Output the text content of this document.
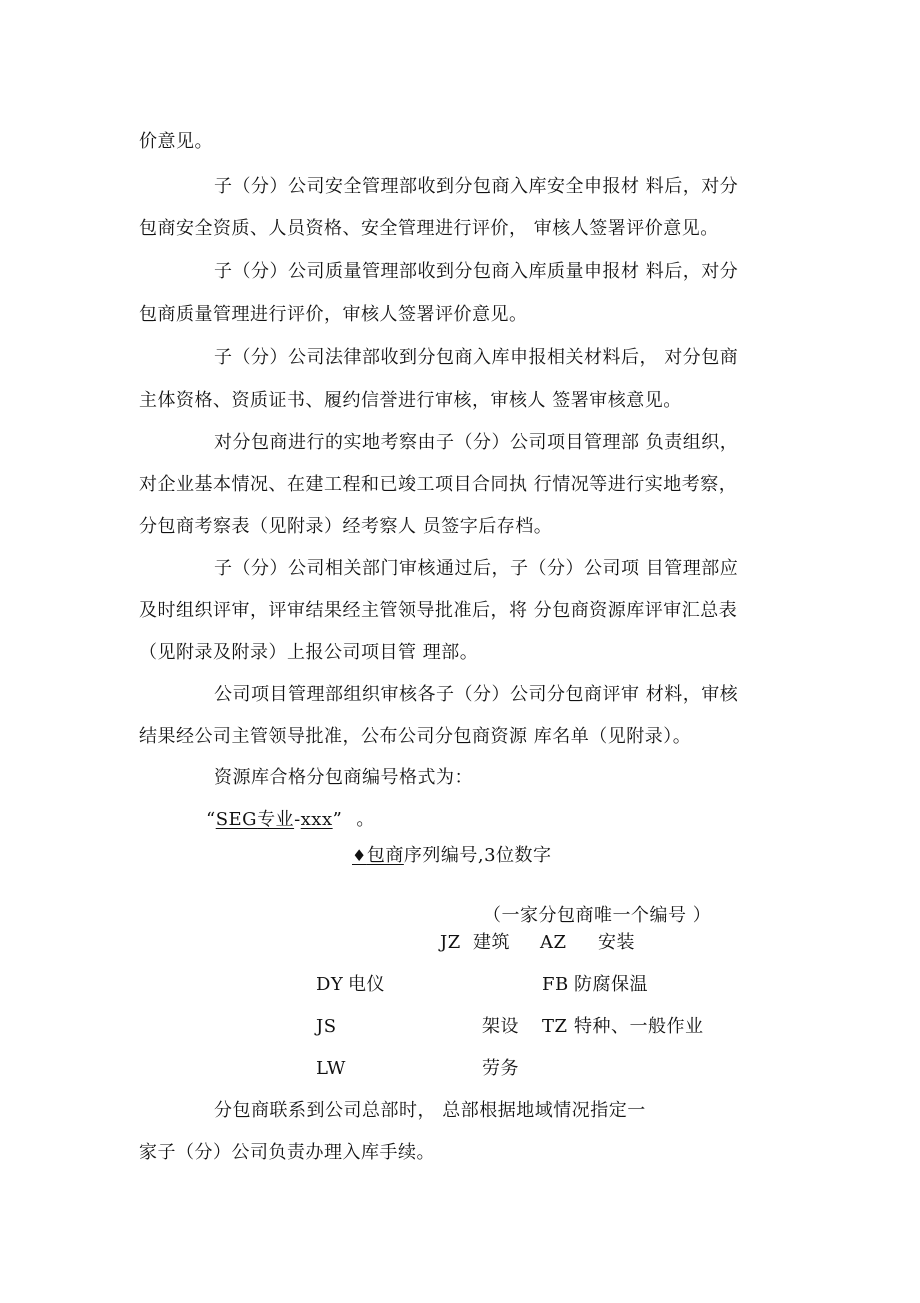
价意见。
子（分）公司安全管理部收到分包商入库安全申报材 料后，对分
包商安全资质、人员资格、安全管理进行评价， 审核人签署评价意见。
子（分）公司质量管理部收到分包商入库质量申报材 料后，对分
包商质量管理进行评价，审核人签署评价意见。
子（分）公司法律部收到分包商入库申报相关材料后， 对分包商
主体资格、资质证书、履约信誉进行审核，审核人 签署审核意见。
对分包商进行的实地考察由子（分）公司项目管理部 负责组织，
对企业基本情况、在建工程和已竣工项目合同执 行情况等进行实地考察，
分包商考察表（见附录）经考察人 员签字后存档。
子（分）公司相关部门审核通过后，子（分）公司项 目管理部应
及时组织评审，评审结果经主管领导批准后，将 分包商资源库评审汇总表
（见附录及附录）上报公司项目管 理部。
公司项目管理部组织审核各子（分）公司分包商评审 材料，审核
结果经公司主管领导批准，公布公司分包商资源 库名单（见附录）。
资源库合格分包商编号格式为：
“SEG专业-xxx” 。
♦包商序列编号,3位数字
（一家分包商唯一个编号 ）
JZ 建筑 AZ 安装
DY 电仪	FB 防腐保温
JS	架设 TZ 特种、一般作业
LW	劳务
分包商联系到公司总部时， 总部根据地域情况指定一
家子（分）公司负责办理入库手续。
